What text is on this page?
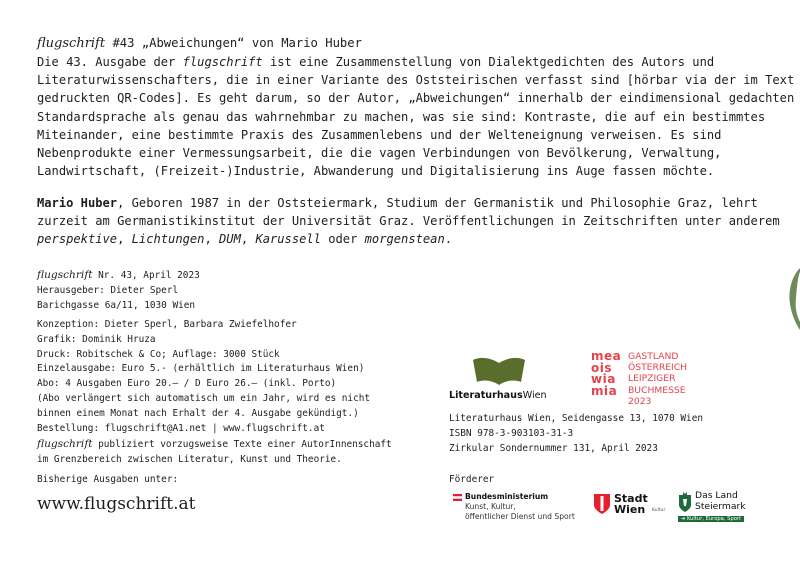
flugschrift #43 „Abweichungen“ von Mario Huber
Die 43. Ausgabe der flugschrift ist eine Zusammenstellung von Dialektgedichten des Autors und Literaturwissenschafters, die in einer Variante des Oststeirischen verfasst sind [hörbar via der im Text gedruckten QR-Codes]. Es geht darum, so der Autor, „Abweichungen“ innerhalb der eindimensional gedachten Standardsprache als genau das wahrnehmbar zu machen, was sie sind: Kontraste, die auf ein bestimmtes Miteinander, eine bestimmte Praxis des Zusammenlebens und der Welteneignung verweisen. Es sind Nebenprodukte einer Vermessungsarbeit, die die vagen Verbindungen von Bevölkerung, Verwaltung, Landwirtschaft, (Freizeit-)Industrie, Abwanderung und Digitalisierung ins Auge fassen möchte.
Mario Huber, Geboren 1987 in der Oststeiermark, Studium der Germanistik und Philosophie Graz, lehrt zurzeit am Germanistikinstitut der Universität Graz. Veröffentlichungen in Zeitschriften unter anderem perspektive, Lichtungen, DUM, Karussell oder morgenstean.
flugschrift Nr. 43, April 2023
Herausgeber: Dieter Sperl
Barichgasse 6a/11, 1030 Wien
Konzeption: Dieter Sperl, Barbara Zwiefelhofer
Grafik: Dominik Hruza
Druck: Robitschek & Co; Auflage: 3000 Stück
Einzelausgabe: Euro 5.- (erhältlich im Literaturhaus Wien)
Abo: 4 Ausgaben Euro 20.— / D Euro 26.— (inkl. Porto)
(Abo verlängert sich automatisch um ein Jahr, wird es nicht
binnen einem Monat nach Erhalt der 4. Ausgabe gekündigt.)
Bestellung: flugschrift@A1.net | www.flugschrift.at
flugschrift publiziert vorzugsweise Texte einer AutorInnenschaft
im Grenzbereich zwischen Literatur, Kunst und Theorie.
Bisherige Ausgaben unter:
www.flugschrift.at
LiteraturhausWien
mea
ois
wia
mia
GASTLAND
ÖSTERREICH
LEIPZIGER
BUCHMESSE
2023
Literaturhaus Wien, Seidengasse 13, 1070 Wien
ISBN 978-3-903103-31-3
Zirkular Sondernummer 131, April 2023
Förderer
Bundesministerium
Kunst, Kultur,
öffentlicher Dienst und Sport
Stadt
Wien	Kultur
Das Land
Steiermark
➔ Kultur, Europa, Sport
